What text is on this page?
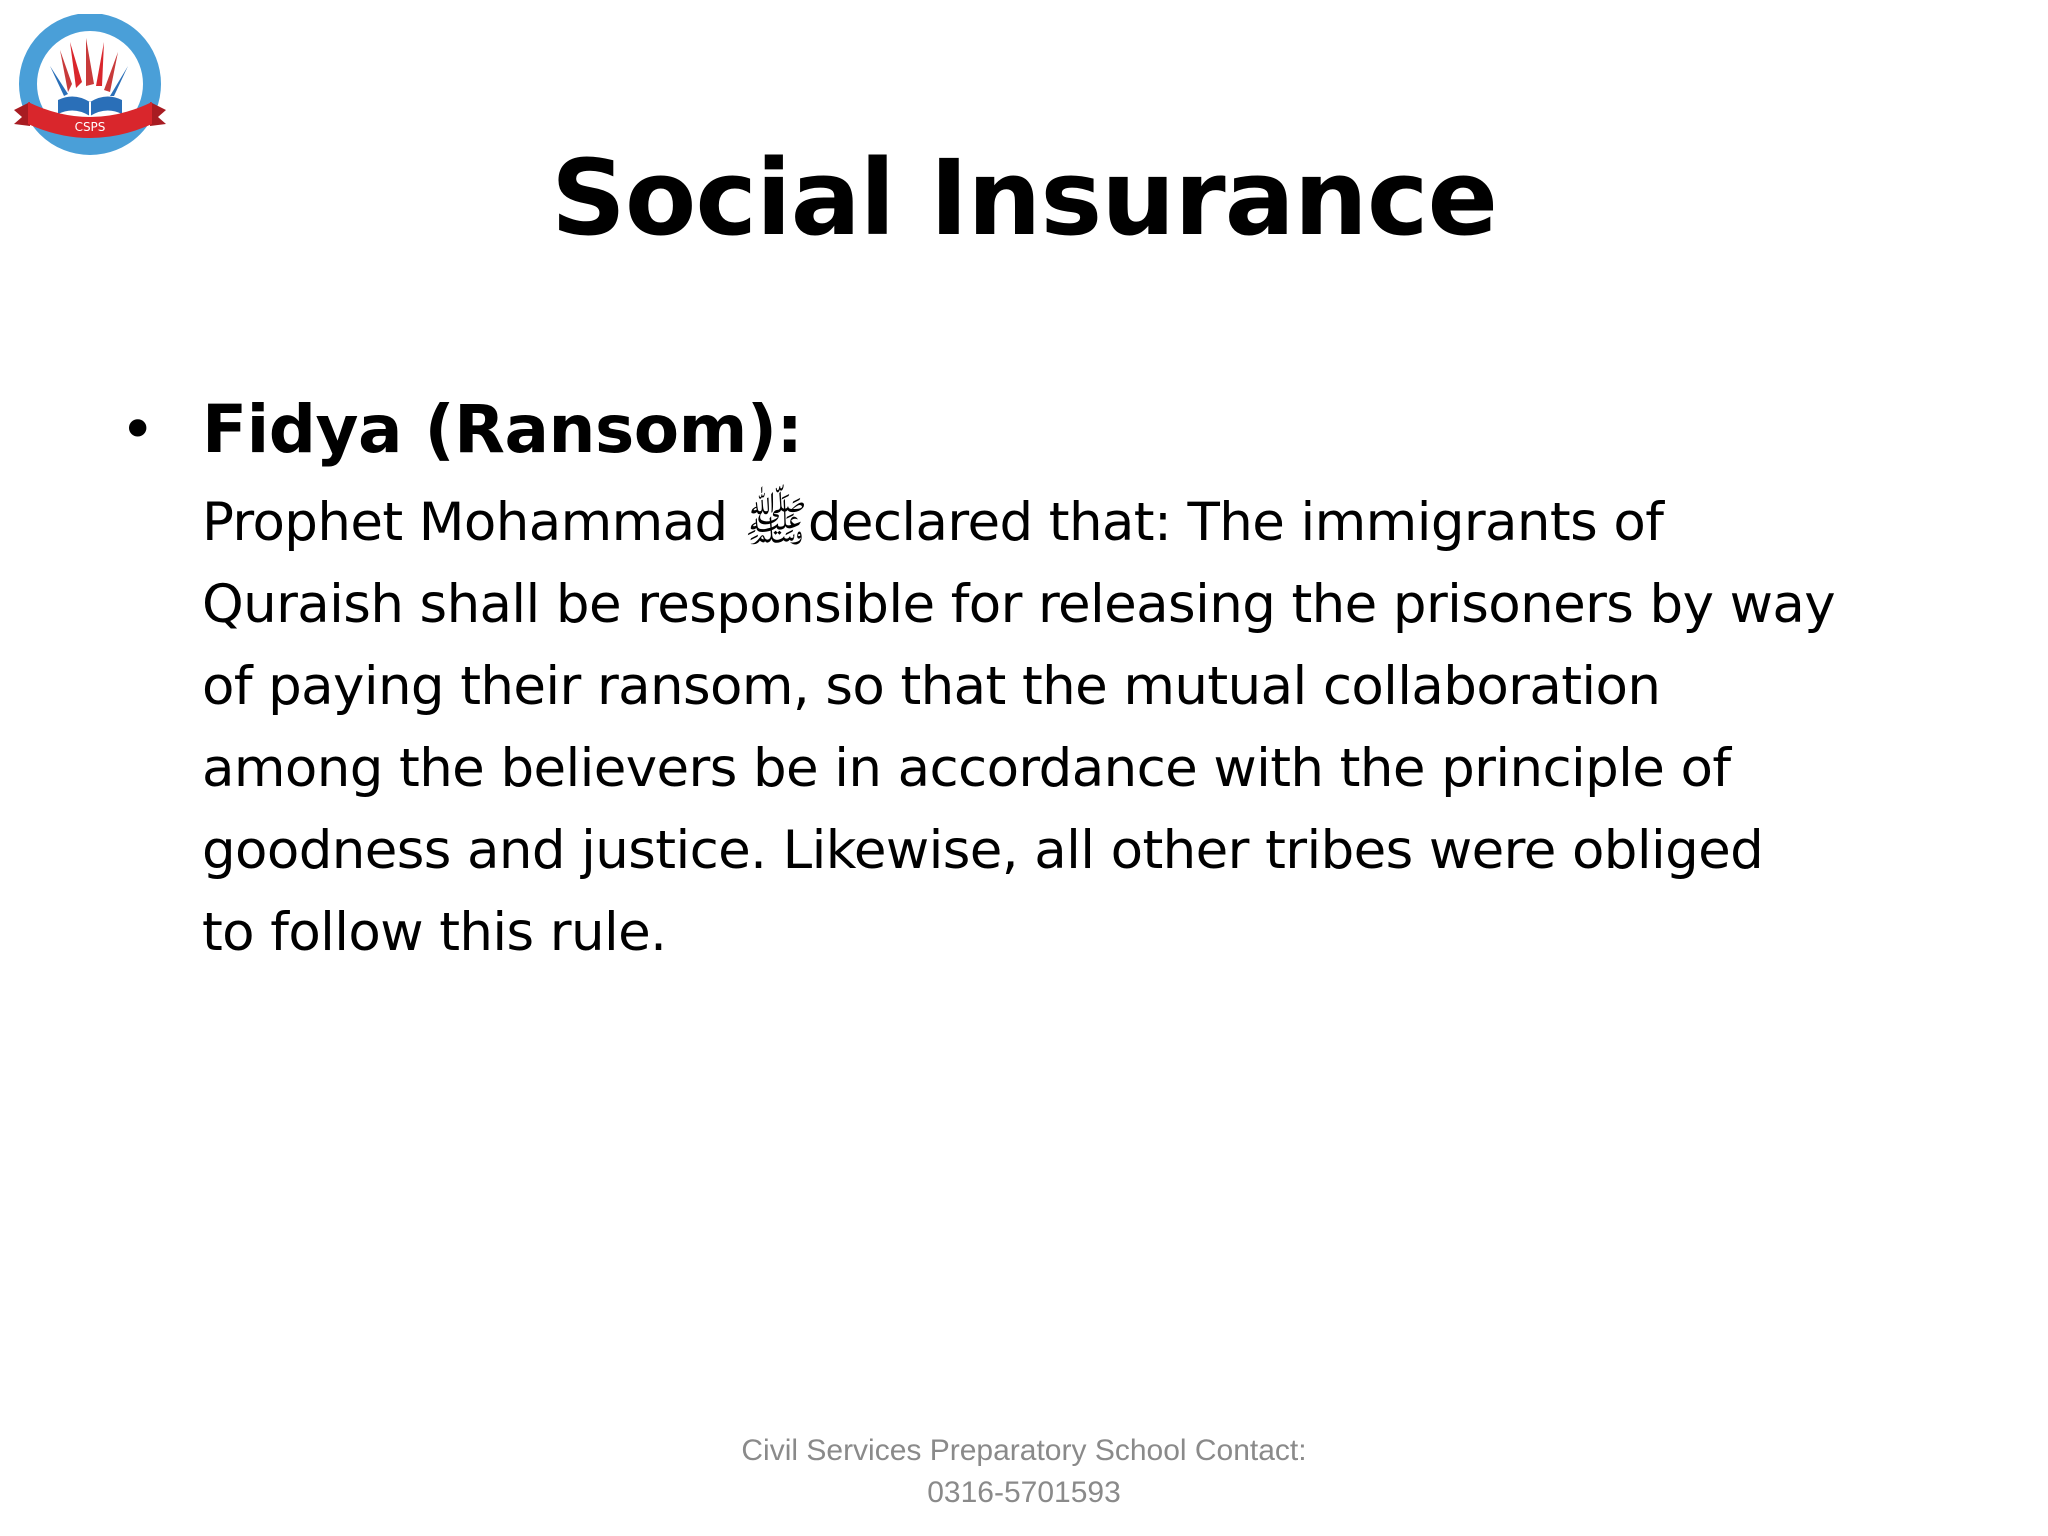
CSPS
Social Insurance
• Fidya (Ransom):
Prophet Mohammad ﷺdeclared that: The immigrants of
Quraish shall be responsible for releasing the prisoners by way
of paying their ransom, so that the mutual collaboration
among the believers be in accordance with the principle of
goodness and justice. Likewise, all other tribes were obliged
to follow this rule.
Civil Services Preparatory School Contact:
0316-5701593
